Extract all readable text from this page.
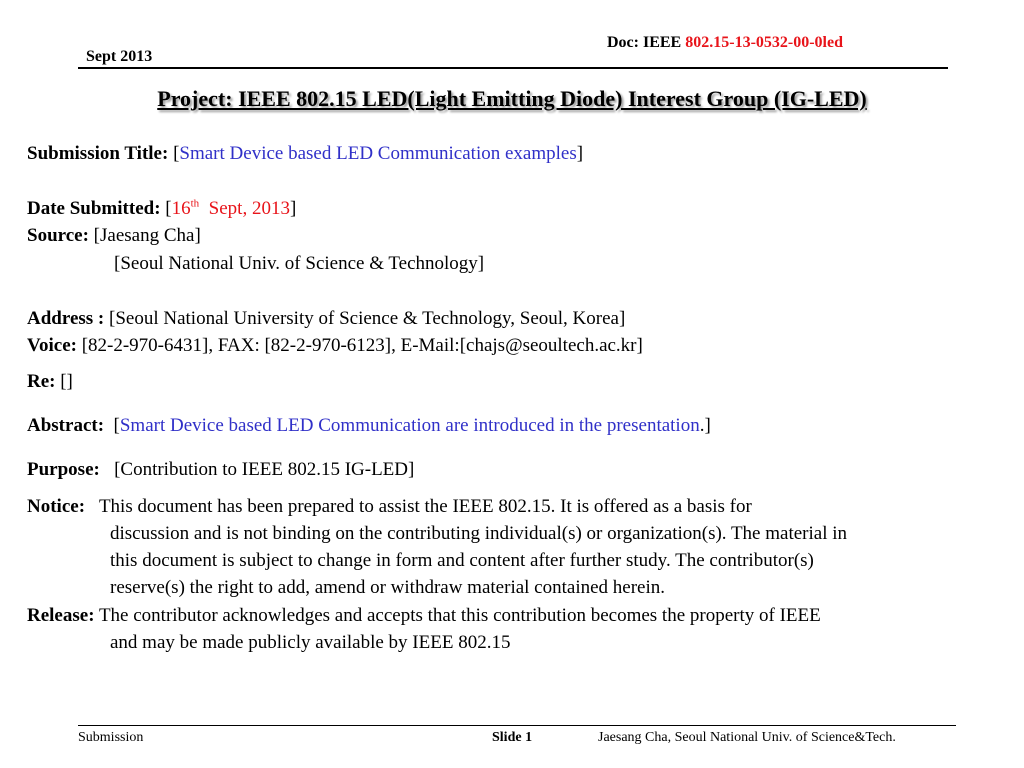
Doc: IEEE 802.15-13-0532-00-0led
Sept 2013
Project: IEEE 802.15 LED(Light Emitting Diode) Interest Group (IG-LED)
Submission Title: [Smart Device based LED Communication examples]
Date Submitted: [16th Sept, 2013]
Source: [Jaesang Cha]
[Seoul National Univ. of Science & Technology]
Address : [Seoul National University of Science & Technology, Seoul, Korea]
Voice: [82-2-970-6431], FAX: [82-2-970-6123], E-Mail:[chajs@seoultech.ac.kr]
Re: []
Abstract:  [Smart Device based LED Communication are introduced in the presentation.]
Purpose: [Contribution to IEEE 802.15 IG-LED]
Notice: This document has been prepared to assist the IEEE 802.15. It is offered as a basis for
discussion and is not binding on the contributing individual(s) or organization(s). The material in
this document is subject to change in form and content after further study. The contributor(s)
reserve(s) the right to add, amend or withdraw material contained herein.
Release: The contributor acknowledges and accepts that this contribution becomes the property of IEEE
and may be made publicly available by IEEE 802.15
Submission	Slide 1	Jaesang Cha, Seoul National Univ. of Science&Tech.
